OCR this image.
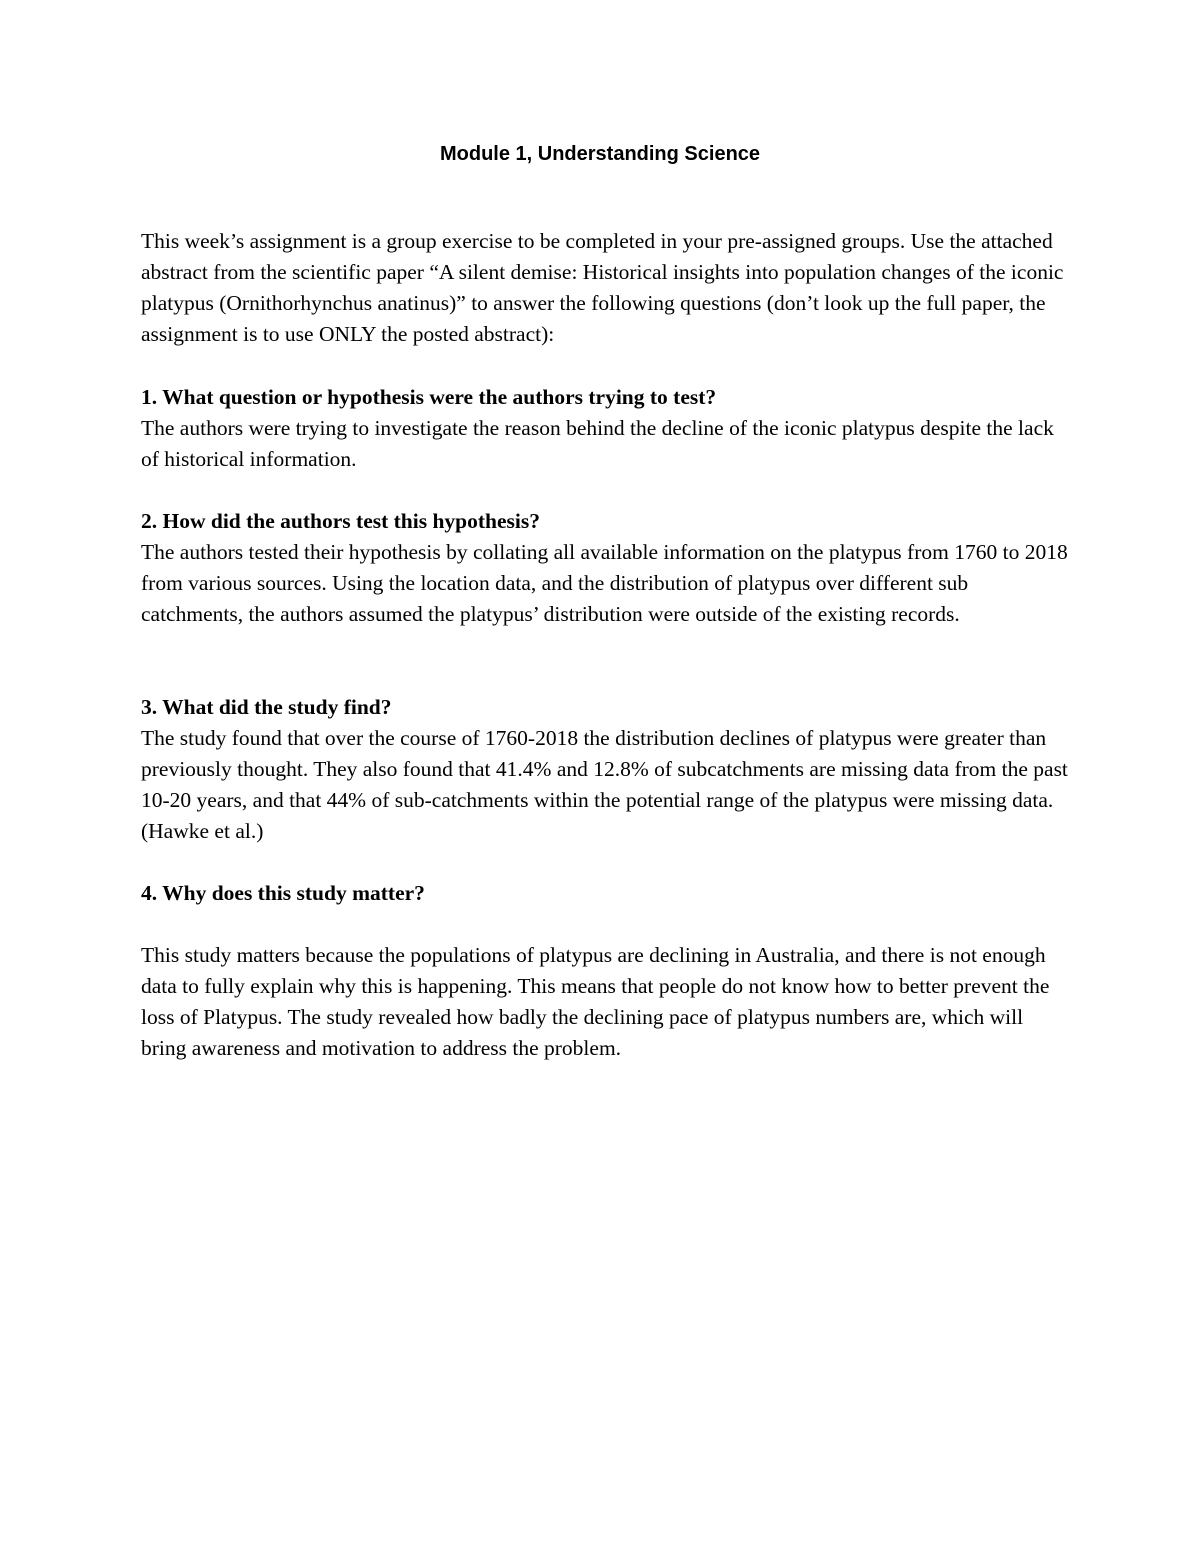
Module 1, Understanding Science

This week’s assignment is a group exercise to be completed in your pre-assigned groups. Use the attached abstract from the scientific paper “A silent demise: Historical insights into population changes of the iconic platypus (Ornithorhynchus anatinus)” to answer the following questions (don’t look up the full paper, the assignment is to use ONLY the posted abstract):

1. What question or hypothesis were the authors trying to test?

The authors were trying to investigate the reason behind the decline of the iconic platypus despite the lack of historical information.

2. How did the authors test this hypothesis?

The authors tested their hypothesis by collating all available information on the platypus from 1760 to 2018 from various sources. Using the location data, and the distribution of platypus over different sub catchments, the authors assumed the platypus’ distribution were outside of the existing records.

3. What did the study find?

The study found that over the course of 1760-2018 the distribution declines of platypus were greater than previously thought. They also found that 41.4% and 12.8% of subcatchments are missing data from the past 10-20 years, and that 44% of sub-catchments within the potential range of the platypus were missing data. (Hawke et al.)

4. Why does this study matter?

This study matters because the populations of platypus are declining in Australia, and there is not enough data to fully explain why this is happening. This means that people do not know how to better prevent the loss of Platypus. The study revealed how badly the declining pace of platypus numbers are, which will bring awareness and motivation to address the problem.
